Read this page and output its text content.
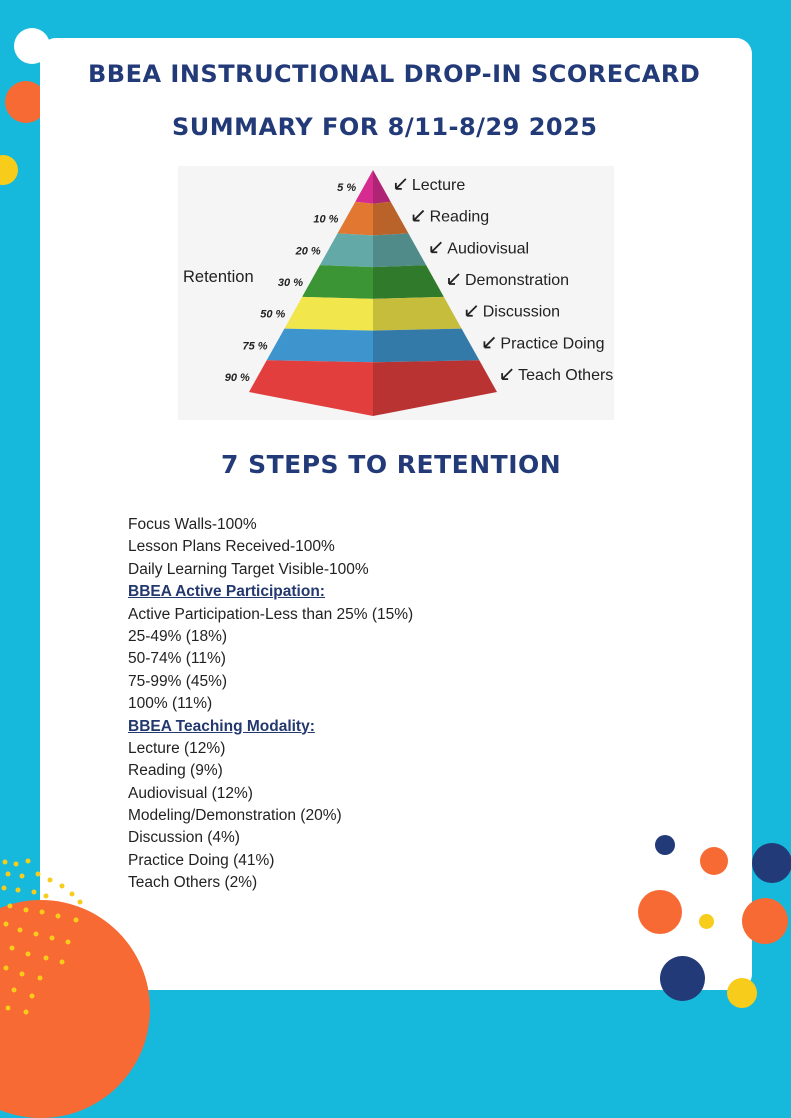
BBEA INSTRUCTIONAL DROP-IN SCORECARD
SUMMARY FOR 8/11-8/29 2025
Retention
5 %	Lecture
10 %	Reading
20 %	Audiovisual
30 %	Demonstration
50 %	Discussion
75 %	Practice Doing
90 %	Teach Others
7 STEPS TO RETENTION
Focus Walls-100%
Lesson Plans Received-100%
Daily Learning Target Visible-100%
BBEA Active Participation:
Active Participation-Less than 25% (15%)
25-49% (18%)
50-74% (11%)
75-99% (45%)
100% (11%)
BBEA Teaching Modality:
Lecture (12%)
Reading (9%)
Audiovisual (12%)
Modeling/Demonstration (20%)
Discussion (4%)
Practice Doing (41%)
Teach Others (2%)
